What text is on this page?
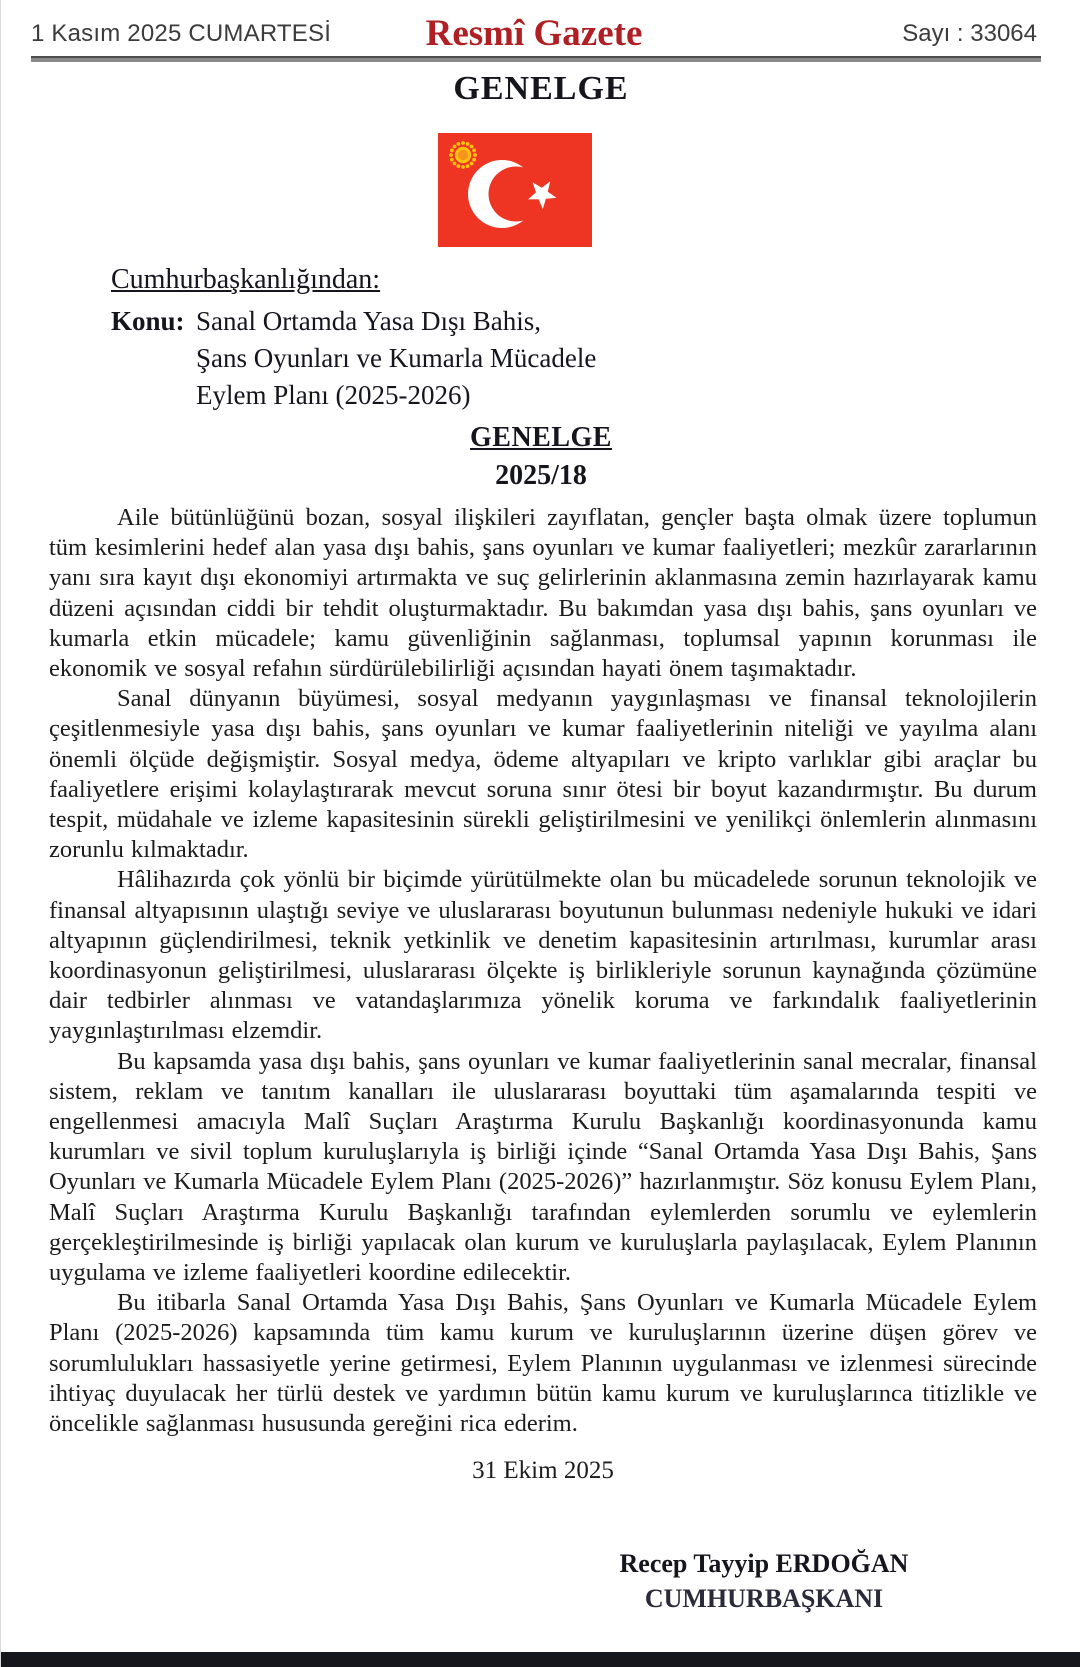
1 Kasım 2025 CUMARTESİ	Resmî Gazete	Sayı : 33064
GENELGE
Cumhurbaşkanlığından:
Konu: Sanal Ortamda Yasa Dışı Bahis,
Şans Oyunları ve Kumarla Mücadele
Eylem Planı (2025-2026)
GENELGE
2025/18

Aile bütünlüğünü bozan, sosyal ilişkileri zayıflatan, gençler başta olmak üzere toplumun tüm kesimlerini hedef alan yasa dışı bahis, şans oyunları ve kumar faaliyetleri; mezkûr zararlarının yanı sıra kayıt dışı ekonomiyi artırmakta ve suç gelirlerinin aklanmasına zemin hazırlayarak kamu düzeni açısından ciddi bir tehdit oluşturmaktadır. Bu bakımdan yasa dışı bahis, şans oyunları ve kumarla etkin mücadele; kamu güvenliğinin sağlanması, toplumsal yapının korunması ile ekonomik ve sosyal refahın sürdürülebilirliği açısından hayati önem taşımaktadır.

Sanal dünyanın büyümesi, sosyal medyanın yaygınlaşması ve finansal teknolojilerin çeşitlenmesiyle yasa dışı bahis, şans oyunları ve kumar faaliyetlerinin niteliği ve yayılma alanı önemli ölçüde değişmiştir. Sosyal medya, ödeme altyapıları ve kripto varlıklar gibi araçlar bu faaliyetlere erişimi kolaylaştırarak mevcut soruna sınır ötesi bir boyut kazandırmıştır. Bu durum tespit, müdahale ve izleme kapasitesinin sürekli geliştirilmesini ve yenilikçi önlemlerin alınmasını zorunlu kılmaktadır.

Hâlihazırda çok yönlü bir biçimde yürütülmekte olan bu mücadelede sorunun teknolojik ve finansal altyapısının ulaştığı seviye ve uluslararası boyutunun bulunması nedeniyle hukuki ve idari altyapının güçlendirilmesi, teknik yetkinlik ve denetim kapasitesinin artırılması, kurumlar arası koordinasyonun geliştirilmesi, uluslararası ölçekte iş birlikleriyle sorunun kaynağında çözümüne dair tedbirler alınması ve vatandaşlarımıza yönelik koruma ve farkındalık faaliyetlerinin yaygınlaştırılması elzemdir.

Bu kapsamda yasa dışı bahis, şans oyunları ve kumar faaliyetlerinin sanal mecralar, finansal sistem, reklam ve tanıtım kanalları ile uluslararası boyuttaki tüm aşamalarında tespiti ve engellenmesi amacıyla Malî Suçları Araştırma Kurulu Başkanlığı koordinasyonunda kamu kurumları ve sivil toplum kuruluşlarıyla iş birliği içinde “Sanal Ortamda Yasa Dışı Bahis, Şans Oyunları ve Kumarla Mücadele Eylem Planı (2025-2026)” hazırlanmıştır. Söz konusu Eylem Planı, Malî Suçları Araştırma Kurulu Başkanlığı tarafından eylemlerden sorumlu ve eylemlerin gerçekleştirilmesinde iş birliği yapılacak olan kurum ve kuruluşlarla paylaşılacak, Eylem Planının uygulama ve izleme faaliyetleri koordine edilecektir.

Bu itibarla Sanal Ortamda Yasa Dışı Bahis, Şans Oyunları ve Kumarla Mücadele Eylem Planı (2025-2026) kapsamında tüm kamu kurum ve kuruluşlarının üzerine düşen görev ve sorumlulukları hassasiyetle yerine getirmesi, Eylem Planının uygulanması ve izlenmesi sürecinde ihtiyaç duyulacak her türlü destek ve yardımın bütün kamu kurum ve kuruluşlarınca titizlikle ve öncelikle sağlanması hususunda gereğini rica ederim.

31 Ekim 2025
Recep Tayyip ERDOĞAN
CUMHURBAŞKANI
